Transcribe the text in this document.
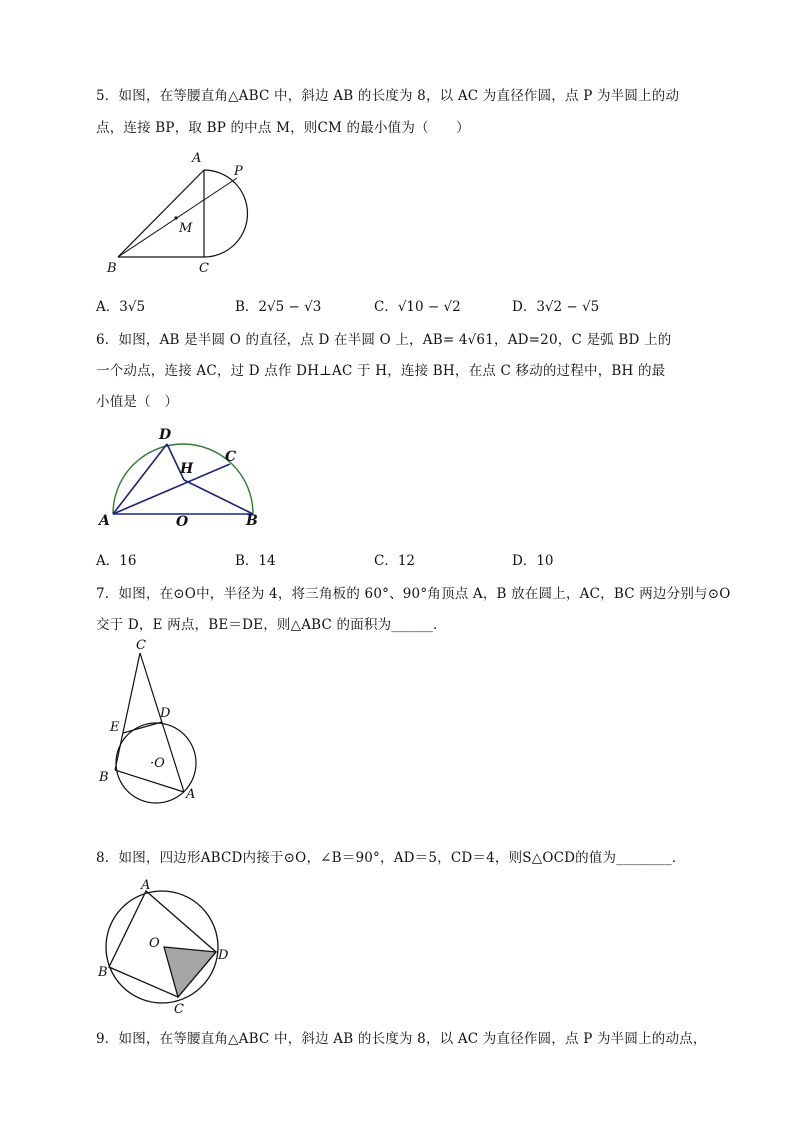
5．如图，在等腰直角△ABC 中，斜边 AB 的长度为 8，以 AC 为直径作圆，点 P 为半圆上的动
点，连接 BP，取 BP 的中点 M，则CM 的最小值为（　　）
A
P
M
B	C
A．3√5	B．2√5 − √3	C．√10 − √2	D．3√2 − √5
6．如图，AB 是半圆 O 的直径，点 D 在半圆 O 上，AB= 4√61，AD=20，C 是弧 BD 上的
一个动点，连接 AC，过 D 点作 DH⊥AC 于 H，连接 BH，在点 C 移动的过程中，BH 的最
小值是（　）
D
H
C
A	O	B
A．16	B．14	C．12	D．10
7．如图，在⊙O中，半径为 4，将三角板的 60°、90°角顶点 A，B 放在圆上，AC，BC 两边分别与⊙O
交于 D，E 两点，BE＝DE，则△ABC 的面积为______．
C
E
D
·O
B
A
8．如图，四边形ABCD内接于⊙O，∠B＝90°，AD＝5，CD＝4，则S△OCD的值为________．
A
O
D
B
C
9．如图，在等腰直角△ABC 中，斜边 AB 的长度为 8，以 AC 为直径作圆，点 P 为半圆上的动点，
